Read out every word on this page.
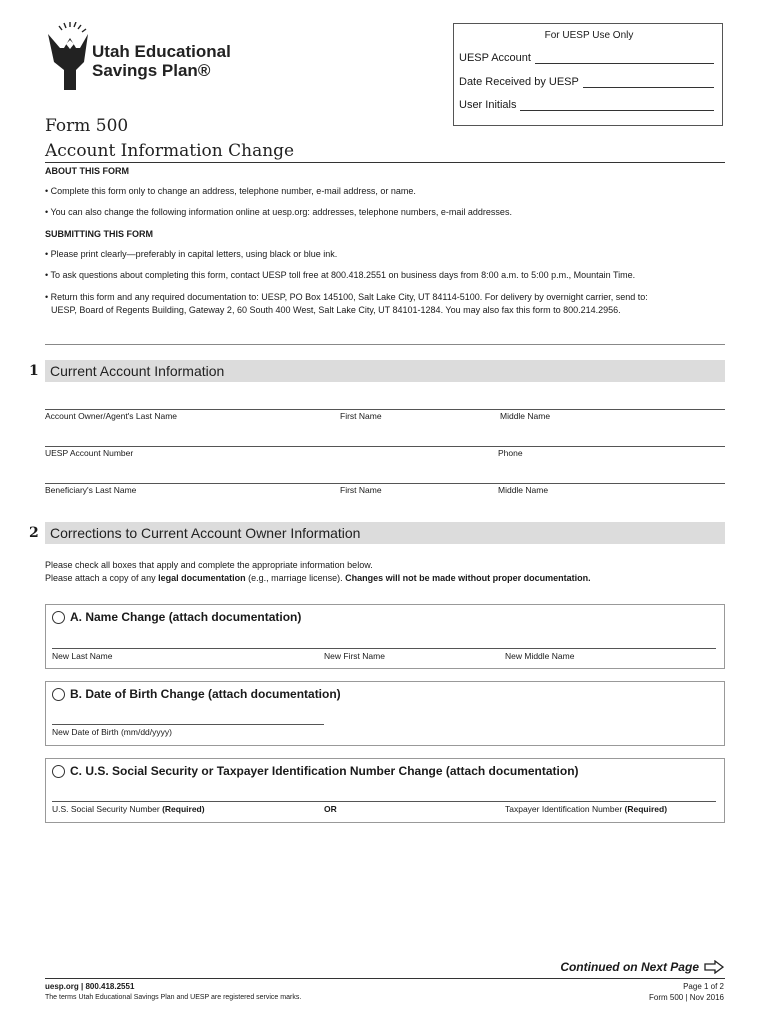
Utah Educational
Savings Plan®
For UESP Use Only
UESP Account
Date Received by UESP
User Initials
Form 500
Account Information Change
ABOUT THIS FORM
• Complete this form only to change an address, telephone number, e-mail address, or name.
• You can also change the following information online at uesp.org: addresses, telephone numbers, e-mail addresses.
SUBMITTING THIS FORM
• Please print clearly—preferably in capital letters, using black or blue ink.
• To ask questions about completing this form, contact UESP toll free at 800.418.2551 on business days from 8:00 a.m. to 5:00 p.m., Mountain Time.
• Return this form and any required documentation to: UESP, PO Box 145100, Salt Lake City, UT 84114-5100. For delivery by overnight carrier, send to:
UESP, Board of Regents Building, Gateway 2, 60 South 400 West, Salt Lake City, UT 84101-1284. You may also fax this form to 800.214.2956.
1 Current Account Information
Account Owner/Agent's Last Name	First Name	Middle Name
UESP Account Number	Phone
Beneficiary's Last Name	First Name	Middle Name
2 Corrections to Current Account Owner Information
Please check all boxes that apply and complete the appropriate information below.
Please attach a copy of any legal documentation (e.g., marriage license). Changes will not be made without proper documentation.
A. Name Change (attach documentation)
New Last Name	New First Name	New Middle Name
B. Date of Birth Change (attach documentation)
New Date of Birth (mm/dd/yyyy)
C. U.S. Social Security or Taxpayer Identification Number Change (attach documentation)
U.S. Social Security Number (Required)	OR	Taxpayer Identification Number (Required)
Continued on Next Page
uesp.org | 800.418.2551
The terms Utah Educational Savings Plan and UESP are registered service marks.
Page 1 of 2
Form 500 | Nov 2016
